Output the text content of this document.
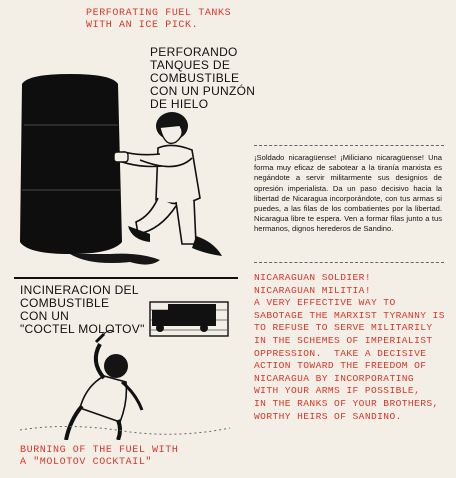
PERFORATING FUEL TANKS
WITH AN ICE PICK.
PERFORANDO
TANQUES DE
COMBUSTIBLE
CON UN PUNZÓN
DE HIELO
¡Soldado nicaragüense! ¡Miliciano nicaragüense! Una forma muy eficaz de sabotear a la tiranía marxista es negándote a servir militarmente sus designios de opresión imperialista. Da un paso decisivo hacia la libertad de Nicaragua incorporándote, con tus armas si puedes, a las filas de los combatientes por la libertad. Nicaragua libre te espera. Ven a formar filas junto a tus hermanos, dignos herederos de Sandino.
NICARAGUAN SOLDIER!
NICARAGUAN MILITIA!
A VERY EFFECTIVE WAY TO
SABOTAGE THE MARXIST TYRANNY IS
TO REFUSE TO SERVE MILITARILY
IN THE SCHEMES OF IMPERIALIST
OPPRESSION.  TAKE A DECISIVE
ACTION TOWARD THE FREEDOM OF
NICARAGUA BY INCORPORATING
WITH YOUR ARMS IF POSSIBLE,
IN THE RANKS OF YOUR BROTHERS,
WORTHY HEIRS OF SANDINO.
INCINERACION DEL
COMBUSTIBLE
CON UN
"COCTEL MOLOTOV"
BURNING OF THE FUEL WITH
A "MOLOTOV COCKTAIL"
